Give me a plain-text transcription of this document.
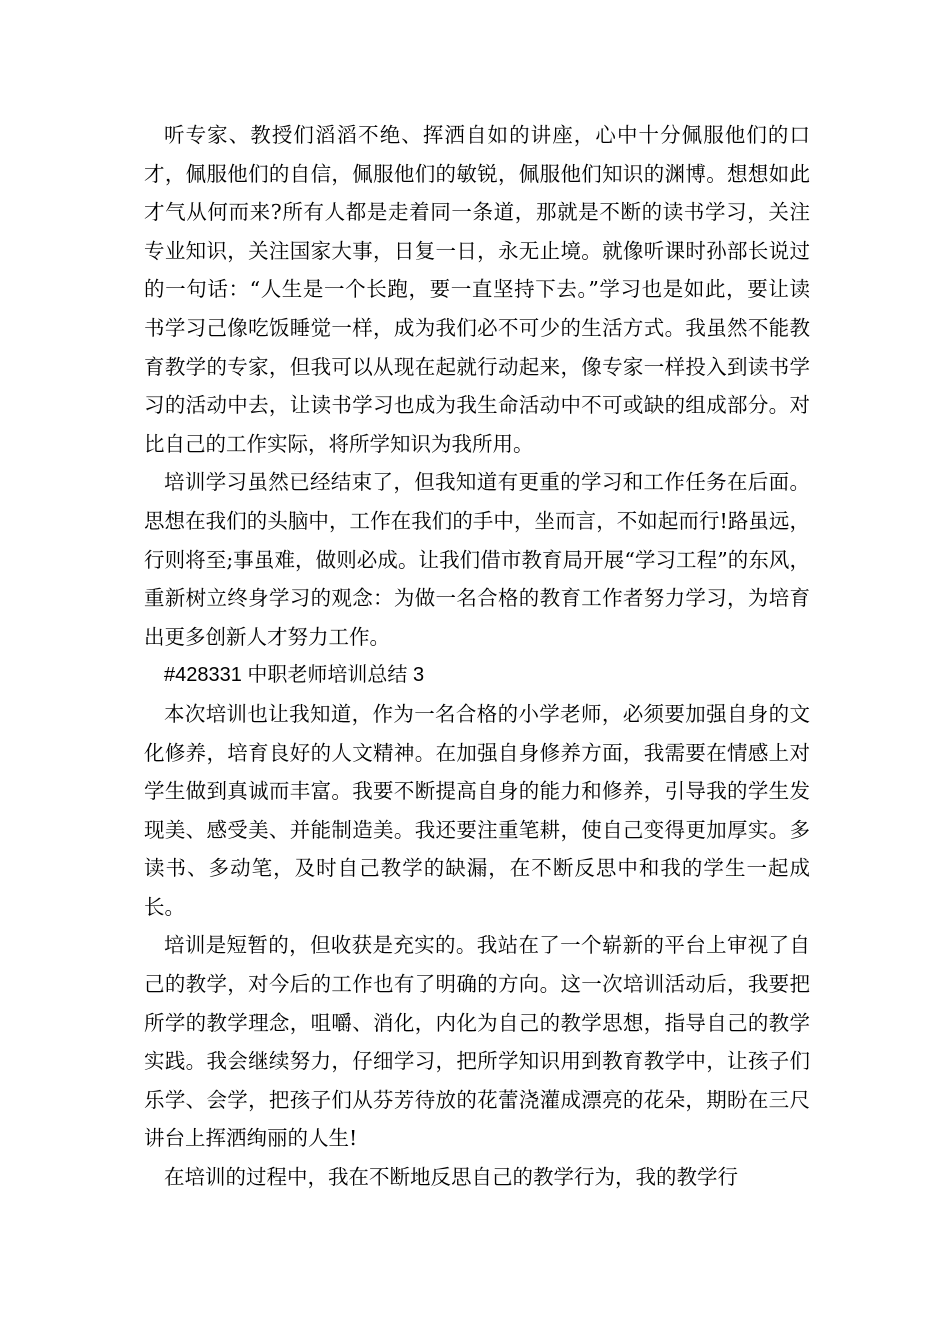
听专家、教授们滔滔不绝、挥洒自如的讲座，心中十分佩服他们的口才，佩服他们的自信，佩服他们的敏锐，佩服他们知识的渊博。想想如此才气从何而来?所有人都是走着同一条道，那就是不断的读书学习，关注专业知识，关注国家大事，日复一日，永无止境。就像听课时孙部长说过的一句话：“人生是一个长跑，要一直坚持下去。”学习也是如此，要让读书学习己像吃饭睡觉一样，成为我们必不可少的生活方式。我虽然不能教育教学的专家，但我可以从现在起就行动起来，像专家一样投入到读书学习的活动中去，让读书学习也成为我生命活动中不可或缺的组成部分。对比自己的工作实际，将所学知识为我所用。

培训学习虽然已经结束了，但我知道有更重的学习和工作任务在后面。思想在我们的头脑中，工作在我们的手中，坐而言，不如起而行!路虽远，行则将至;事虽难，做则必成。让我们借市教育局开展“学习工程”的东风，重新树立终身学习的观念：为做一名合格的教育工作者努力学习，为培育出更多创新人才努力工作。

#428331 中职老师培训总结 3

本次培训也让我知道，作为一名合格的小学老师，必须要加强自身的文化修养，培育良好的人文精神。在加强自身修养方面，我需要在情感上对学生做到真诚而丰富。我要不断提高自身的能力和修养，引导我的学生发现美、感受美、并能制造美。我还要注重笔耕，使自己变得更加厚实。多读书、多动笔，及时自己教学的缺漏，在不断反思中和我的学生一起成长。

培训是短暂的，但收获是充实的。我站在了一个崭新的平台上审视了自己的教学，对今后的工作也有了明确的方向。这一次培训活动后，我要把所学的教学理念，咀嚼、消化，内化为自己的教学思想，指导自己的教学实践。我会继续努力，仔细学习，把所学知识用到教育教学中，让孩子们乐学、会学，把孩子们从芬芳待放的花蕾浇灌成漂亮的花朵，期盼在三尺讲台上挥洒绚丽的人生!

在培训的过程中，我在不断地反思自己的教学行为，我的教学行
